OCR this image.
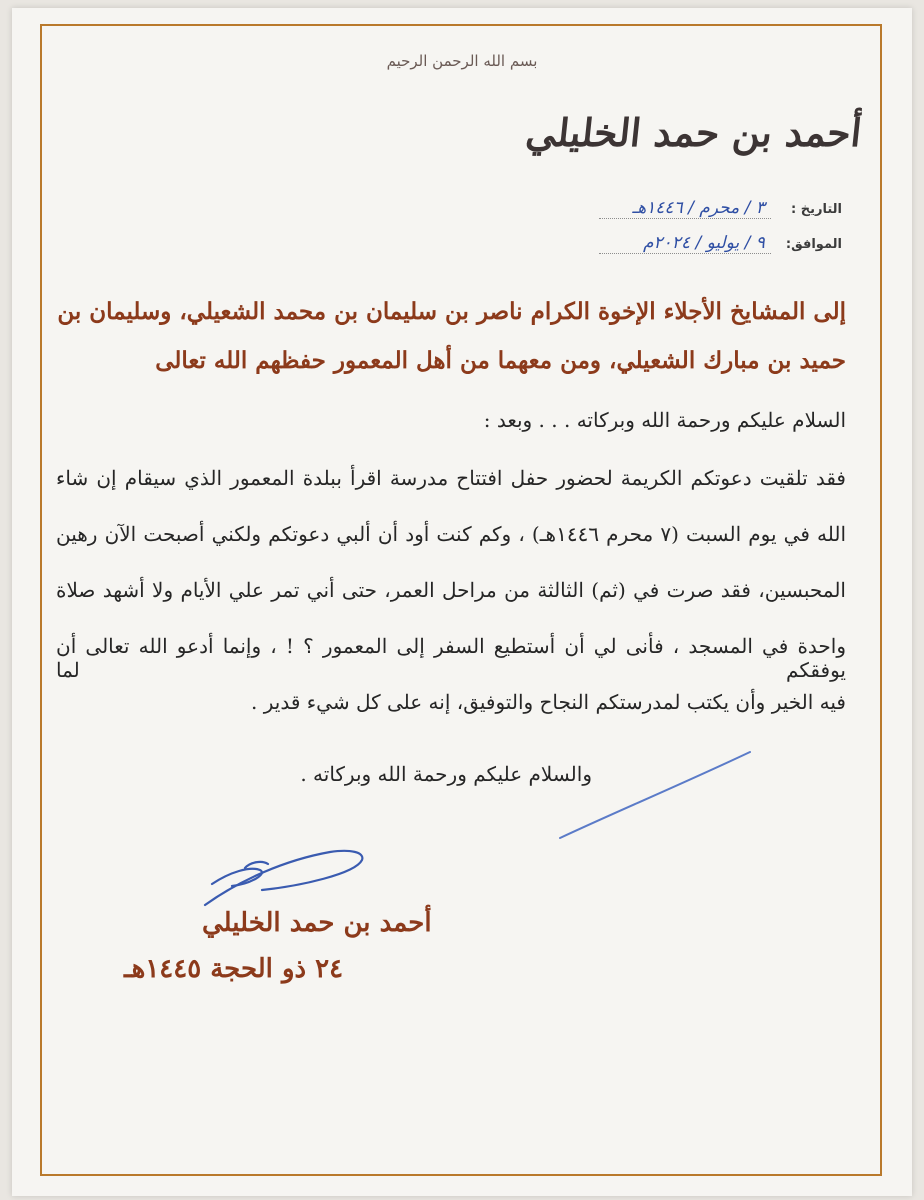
بسم الله الرحمن الرحيم
أحمد بن حمد الخليلي
التاريخ : ٣ / محرم / ١٤٤٦هـ
الموافق: ٩ / يوليو / ٢٠٢٤م
إلى المشايخ الأجلاء الإخوة الكرام ناصر بن سليمان بن محمد الشعيلي، وسليمان بن
حميد بن مبارك الشعيلي، ومن معهما من أهل المعمور حفظهم الله تعالى
السلام عليكم ورحمة الله وبركاته . . . وبعد :
فقد تلقيت دعوتكم الكريمة لحضور حفل افتتاح مدرسة اقرأ ببلدة المعمور الذي سيقام إن شاء
الله في يوم السبت (٧ محرم ١٤٤٦هـ) ، وكم كنت أود أن ألبي دعوتكم ولكني أصبحت الآن رهين
المحبسين، فقد صرت في (ثم) الثالثة من مراحل العمر، حتى أني تمر علي الأيام ولا أشهد صلاة
واحدة في المسجد ، فأنى لي أن أستطيع السفر إلى المعمور ؟ ! ، وإنما أدعو الله تعالى أن يوفقكم لما
فيه الخير وأن يكتب لمدرستكم النجاح والتوفيق، إنه على كل شيء قدير .
والسلام عليكم ورحمة الله وبركاته .
أحمد بن حمد الخليلي
٢٤ ذو الحجة ١٤٤٥هـ
